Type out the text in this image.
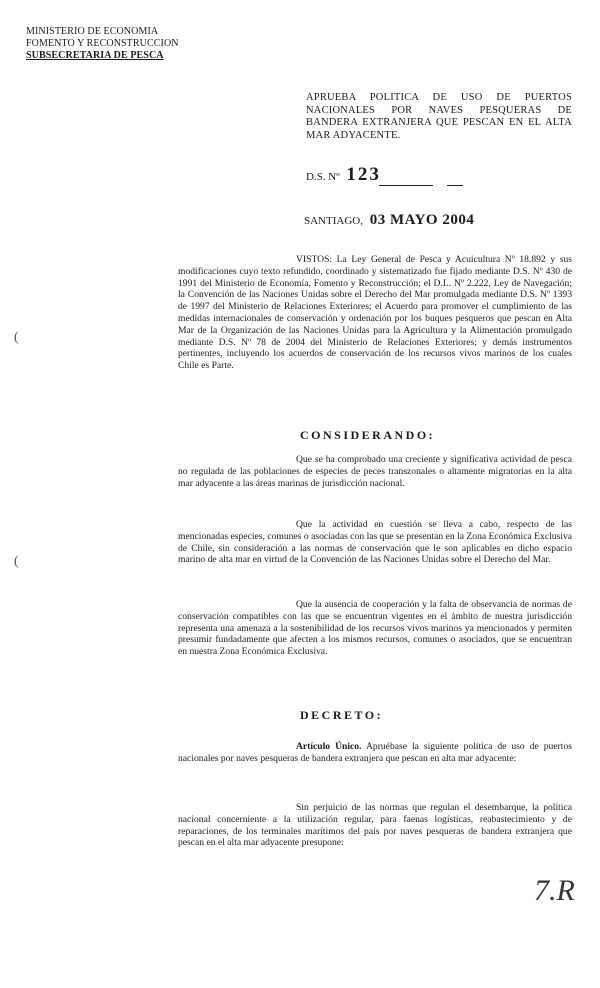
MINISTERIO DE ECONOMIA
FOMENTO Y RECONSTRUCCION
SUBSECRETARIA DE PESCA
APRUEBA POLITICA DE USO DE PUERTOS NACIONALES POR NAVES PESQUERAS DE BANDERA EXTRANJERA QUE PESCAN EN EL ALTA MAR ADYACENTE.
D.S. Nº 123
SANTIAGO, 03 MAYO 2004
VISTOS: La Ley General de Pesca y Acuicultura Nº 18.892 y sus modificaciones cuyo texto refundido, coordinado y sistematizado fue fijado mediante D.S. Nº 430 de 1991 del Ministerio de Economía, Fomento y Reconstrucción; el D.L. Nº 2.222, Ley de Navegación; la Convención de las Naciones Unidas sobre el Derecho del Mar promulgada mediante D.S. Nº 1393 de 1997 del Ministerio de Relaciones Exteriores; el Acuerdo para promover el cumplimiento de las medidas internacionales de conservación y ordenación por los buques pesqueros que pescan en Alta Mar de la Organización de las Naciones Unidas para la Agricultura y la Alimentación promulgado mediante D.S. Nº 78 de 2004 del Ministerio de Relaciones Exteriores; y demás instrumentos pertinentes, incluyendo los acuerdos de conservación de los recursos vivos marinos de los cuales Chile es Parte.
CONSIDERANDO:
Que se ha comprobado una creciente y significativa actividad de pesca no regulada de las poblaciones de especies de peces transzonales o altamente migratorias en la alta mar adyacente a las áreas marinas de jurisdicción nacional.
Que la actividad en cuestión se lleva a cabo, respecto de las mencionadas especies, comunes o asociadas con las que se presentan en la Zona Económica Exclusiva de Chile, sin consideración a las normas de conservación que le son aplicables en dicho espacio marino de alta mar en virtud de la Convención de las Naciones Unidas sobre el Derecho del Mar.
Que la ausencia de cooperación y la falta de observancia de normas de conservación compatibles con las que se encuentran vigentes en el ámbito de nuestra jurisdicción representa una amenaza a la sostenibilidad de los recursos vivos marinos ya mencionados y permiten presumir fundadamente que afecten a los mismos recursos, comunes o asociados, que se encuentran en nuestra Zona Económica Exclusiva.
DECRETO:
Artículo Único. Apruébase la siguiente política de uso de puertos nacionales por naves pesqueras de bandera extranjera que pescan en alta mar adyacente:
Sin perjuicio de las normas que regulan el desembarque, la política nacional concerniente a la utilización regular, para faenas logísticas, reabastecimiento y de reparaciones, de los terminales marítimos del país por naves pesqueras de bandera extranjera que pescan en el alta mar adyacente presupone:
(
(
7.R
